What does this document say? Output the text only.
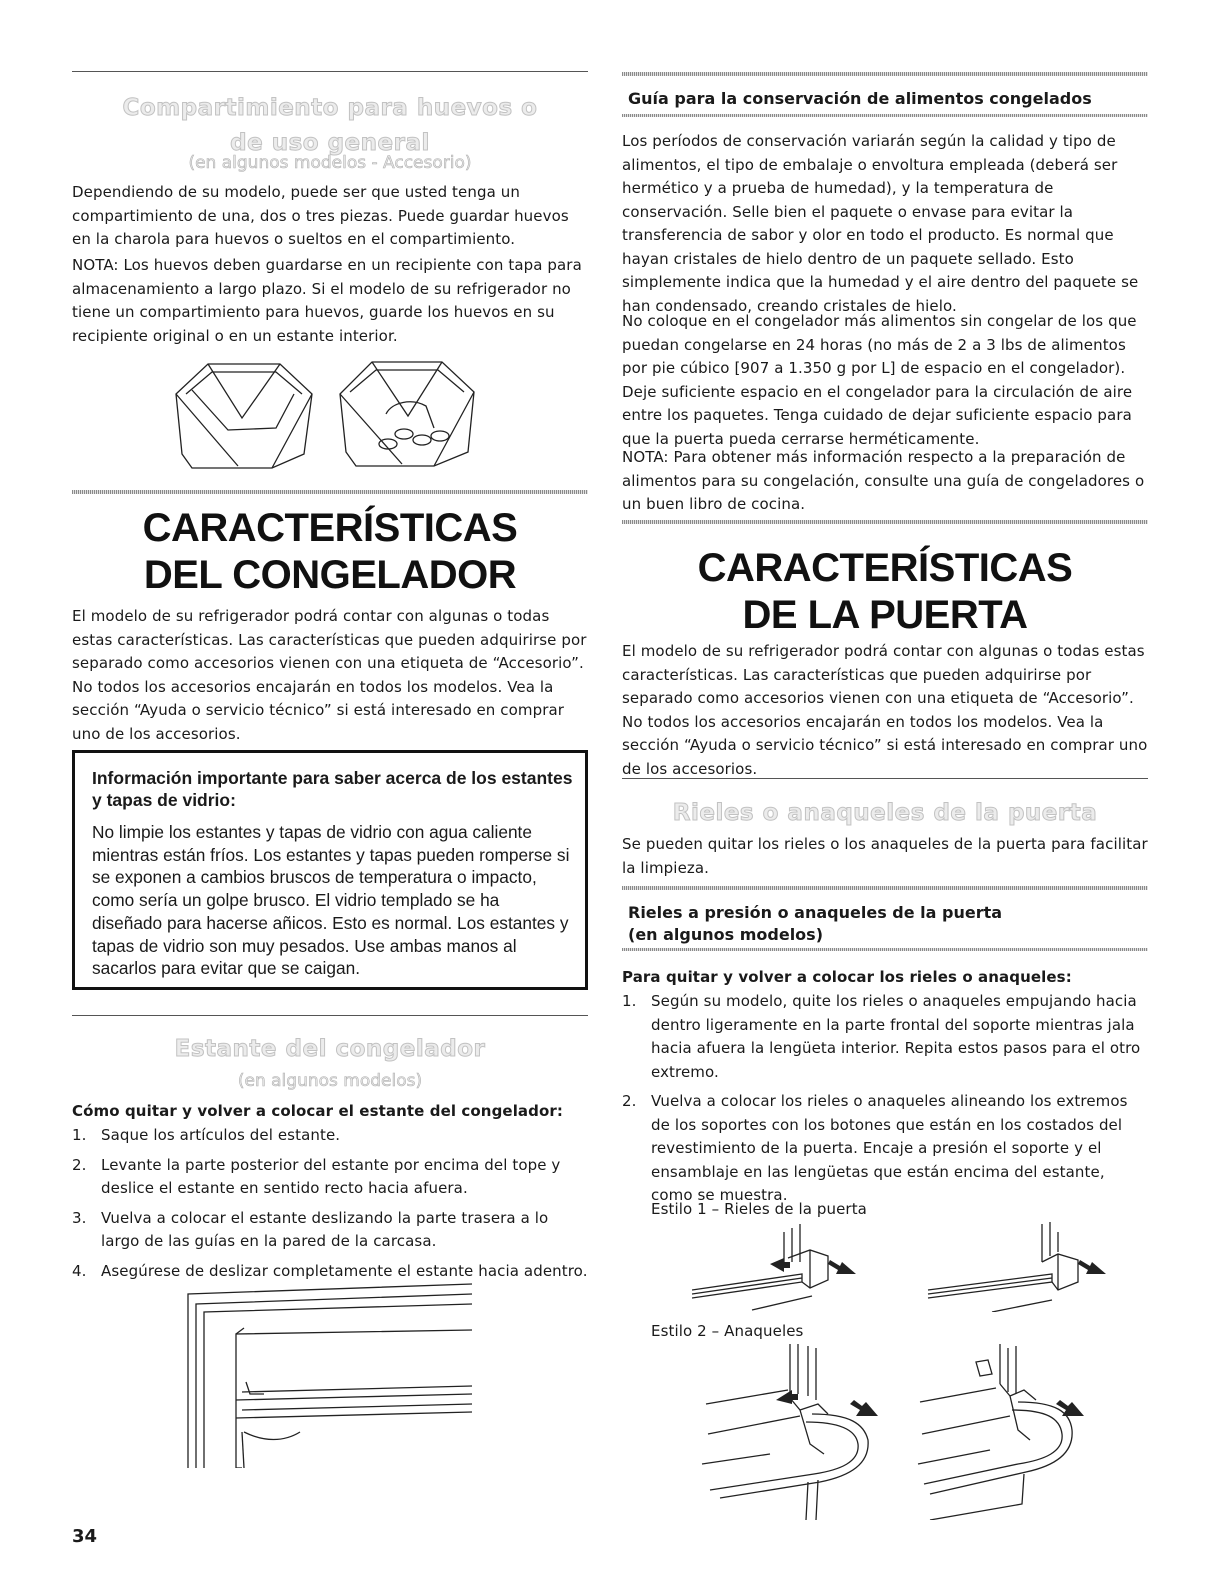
Compartimiento para huevos o
de uso general
(en algunos modelos - Accesorio)

Dependiendo de su modelo, puede ser que usted tenga un compartimiento de una, dos o tres piezas. Puede guardar huevos en la charola para huevos o sueltos en el compartimiento.

NOTA: Los huevos deben guardarse en un recipiente con tapa para almacenamiento a largo plazo. Si el modelo de su refrigerador no tiene un compartimiento para huevos, guarde los huevos en su recipiente original o en un estante interior.

CARACTERÍSTICAS
DEL CONGELADOR

El modelo de su refrigerador podrá contar con algunas o todas estas características. Las características que pueden adquirirse por separado como accesorios vienen con una etiqueta de “Accesorio”. No todos los accesorios encajarán en todos los modelos. Vea la sección “Ayuda o servicio técnico” si está interesado en comprar uno de los accesorios.

Información importante para saber acerca de los estantes y tapas de vidrio:
No limpie los estantes y tapas de vidrio con agua caliente mientras están fríos. Los estantes y tapas pueden romperse si se exponen a cambios bruscos de temperatura o impacto, como sería un golpe brusco. El vidrio templado se ha diseñado para hacerse añicos. Esto es normal. Los estantes y tapas de vidrio son muy pesados. Use ambas manos al sacarlos para evitar que se caigan.
Estante del congelador
(en algunos modelos)

Cómo quitar y volver a colocar el estante del congelador:

1. Saque los artículos del estante.
2. Levante la parte posterior del estante por encima del tope y deslice el estante en sentido recto hacia afuera.
3. Vuelva a colocar el estante deslizando la parte trasera a lo largo de las guías en la pared de la carcasa.
4. Asegúrese de deslizar completamente el estante hacia adentro.
Guía para la conservación de alimentos congelados

Los períodos de conservación variarán según la calidad y tipo de alimentos, el tipo de embalaje o envoltura empleada (deberá ser hermético y a prueba de humedad), y la temperatura de conservación. Selle bien el paquete o envase para evitar la transferencia de sabor y olor en todo el producto. Es normal que hayan cristales de hielo dentro de un paquete sellado. Esto simplemente indica que la humedad y el aire dentro del paquete se han condensado, creando cristales de hielo.

No coloque en el congelador más alimentos sin congelar de los que puedan congelarse en 24 horas (no más de 2 a 3 lbs de alimentos por pie cúbico [907 a 1.350 g por L] de espacio en el congelador). Deje suficiente espacio en el congelador para la circulación de aire entre los paquetes. Tenga cuidado de dejar suficiente espacio para que la puerta pueda cerrarse herméticamente.

NOTA: Para obtener más información respecto a la preparación de alimentos para su congelación, consulte una guía de congeladores o un buen libro de cocina.

CARACTERÍSTICAS
DE LA PUERTA

El modelo de su refrigerador podrá contar con algunas o todas estas características. Las características que pueden adquirirse por separado como accesorios vienen con una etiqueta de “Accesorio”. No todos los accesorios encajarán en todos los modelos. Vea la sección “Ayuda o servicio técnico” si está interesado en comprar uno de los accesorios.

Rieles o anaqueles de la puerta

Se pueden quitar los rieles o los anaqueles de la puerta para facilitar la limpieza.

Rieles a presión o anaqueles de la puerta
(en algunos modelos)

Para quitar y volver a colocar los rieles o anaqueles:

1. Según su modelo, quite los rieles o anaqueles empujando hacia dentro ligeramente en la parte frontal del soporte mientras jala hacia afuera la lengüeta interior. Repita estos pasos para el otro extremo.
2. Vuelva a colocar los rieles o anaqueles alineando los extremos de los soportes con los botones que están en los costados del revestimiento de la puerta. Encaje a presión el soporte y el ensamblaje en las lengüetas que están encima del estante, como se muestra.

Estilo 1 – Rieles de la puerta

Estilo 2 – Anaqueles

34
